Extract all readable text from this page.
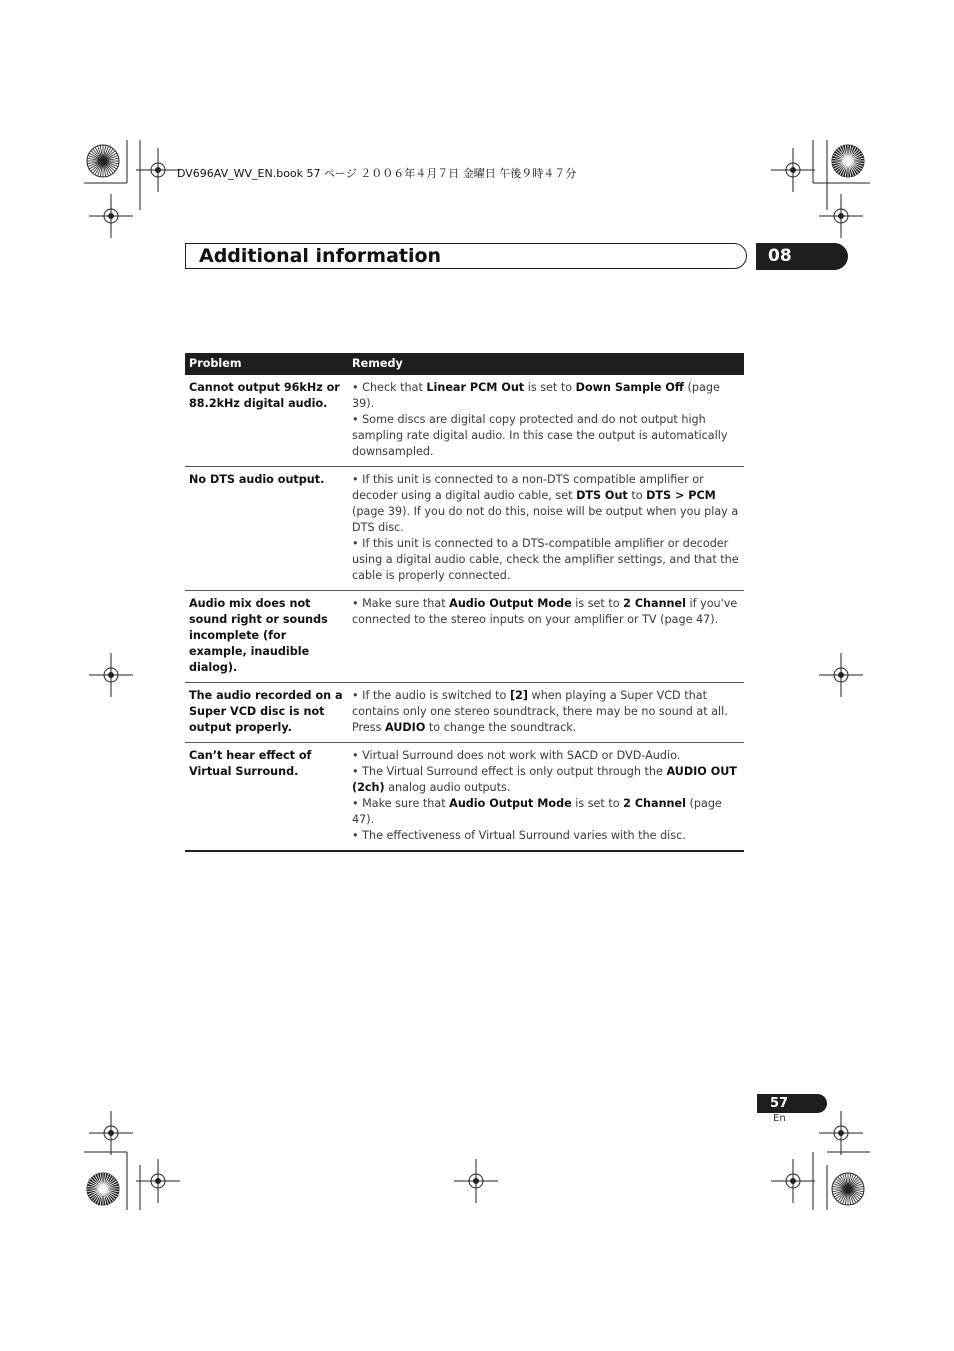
DV696AV_WV_EN.book 57 ページ ２００６年４月７日 金曜日 午後９時４７分
Additional information	08
Problem	Remedy
Cannot output 96kHz or 88.2kHz digital audio.	• Check that Linear PCM Out is set to Down Sample Off (page 39).
• Some discs are digital copy protected and do not output high sampling rate digital audio. In this case the output is automatically downsampled.

No DTS audio output.	• If this unit is connected to a non-DTS compatible amplifier or decoder using a digital audio cable, set DTS Out to DTS > PCM (page 39). If you do not do this, noise will be output when you play a DTS disc.
• If this unit is connected to a DTS-compatible amplifier or decoder using a digital audio cable, check the amplifier settings, and that the cable is properly connected.

Audio mix does not sound right or sounds incomplete (for example, inaudible dialog).	• Make sure that Audio Output Mode is set to 2 Channel if you've connected to the stereo inputs on your amplifier or TV (page 47).

The audio recorded on a Super VCD disc is not output properly.	• If the audio is switched to [2] when playing a Super VCD that contains only one stereo soundtrack, there may be no sound at all. Press AUDIO to change the soundtrack.

Can’t hear effect of Virtual Surround.	• Virtual Surround does not work with SACD or DVD-Audio.
• The Virtual Surround effect is only output through the AUDIO OUT (2ch) analog audio outputs.
• Make sure that Audio Output Mode is set to 2 Channel (page 47).
• The effectiveness of Virtual Surround varies with the disc.
57
En
